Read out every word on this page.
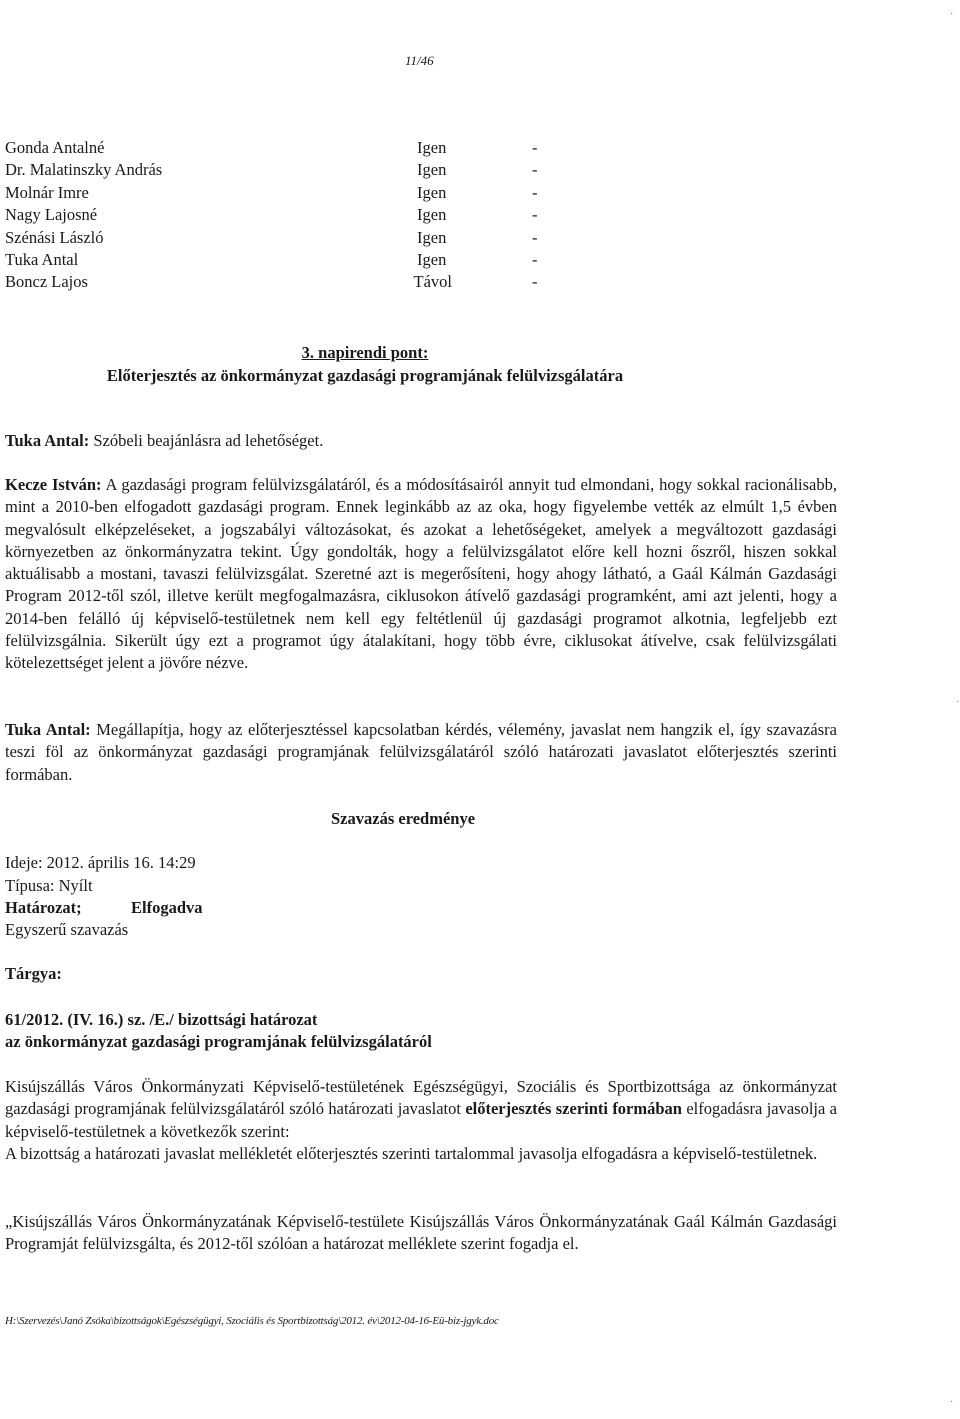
11/46
Gonda Antalné	Igen	-
Dr. Malatinszky András	Igen	-
Molnár Imre	Igen	-
Nagy Lajosné	Igen	-
Szénási László	Igen	-
Tuka Antal	Igen	-
Boncz Lajos	Távol	-
3. napirendi pont:
Előterjesztés az önkormányzat gazdasági programjának felülvizsgálatára
Tuka Antal: Szóbeli beajánlásra ad lehetőséget.
Kecze István: A gazdasági program felülvizsgálatáról, és a módosításairól annyit tud elmondani, hogy sokkal racionálisabb, mint a 2010-ben elfogadott gazdasági program. Ennek leginkább az az oka, hogy figyelembe vették az elmúlt 1,5 évben megvalósult elképzeléseket, a jogszabályi változásokat, és azokat a lehetőségeket, amelyek a megváltozott gazdasági környezetben az önkormányzatra tekint. Úgy gondolták, hogy a felülvizsgálatot előre kell hozni őszről, hiszen sokkal aktuálisabb a mostani, tavaszi felülvizsgálat. Szeretné azt is megerősíteni, hogy ahogy látható, a Gaál Kálmán Gazdasági Program 2012-től szól, illetve került megfogalmazásra, ciklusokon átívelő gazdasági programként, ami azt jelenti, hogy a 2014-ben felálló új képviselő-testületnek nem kell egy feltétlenül új gazdasági programot alkotnia, legfeljebb ezt felülvizsgálnia. Sikerült úgy ezt a programot úgy átalakítani, hogy több évre, ciklusokat átívelve, csak felülvizsgálati kötelezettséget jelent a jövőre nézve.
Tuka Antal: Megállapítja, hogy az előterjesztéssel kapcsolatban kérdés, vélemény, javaslat nem hangzik el, így szavazásra teszi föl az önkormányzat gazdasági programjának felülvizsgálatáról szóló határozati javaslatot előterjesztés szerinti formában.
Szavazás eredménye
Ideje: 2012. április 16. 14:29
Típusa: Nyílt
Határozat;	Elfogadva
Egyszerű szavazás
Tárgya:
61/2012. (IV. 16.) sz. /E./ bizottsági határozat
az önkormányzat gazdasági programjának felülvizsgálatáról
Kisújszállás Város Önkormányzati Képviselő-testületének Egészségügyi, Szociális és Sportbizottsága az önkormányzat gazdasági programjának felülvizsgálatáról szóló határozati javaslatot előterjesztés szerinti formában elfogadásra javasolja a képviselő-testületnek a következők szerint:
A bizottság a határozati javaslat mellékletét előterjesztés szerinti tartalommal javasolja elfogadásra a képviselő-testületnek.
„Kisújszállás Város Önkormányzatának Képviselő-testülete Kisújszállás Város Önkormányzatának Gaál Kálmán Gazdasági Programját felülvizsgálta, és 2012-től szólóan a határozat melléklete szerint fogadja el.
H:\Szervezés\Janó Zsóka\bizottságok\Egészségügyi, Szociális és Sportbizottság\2012. év\2012-04-16-Eü-biz-jgyk.doc
·
·
·
